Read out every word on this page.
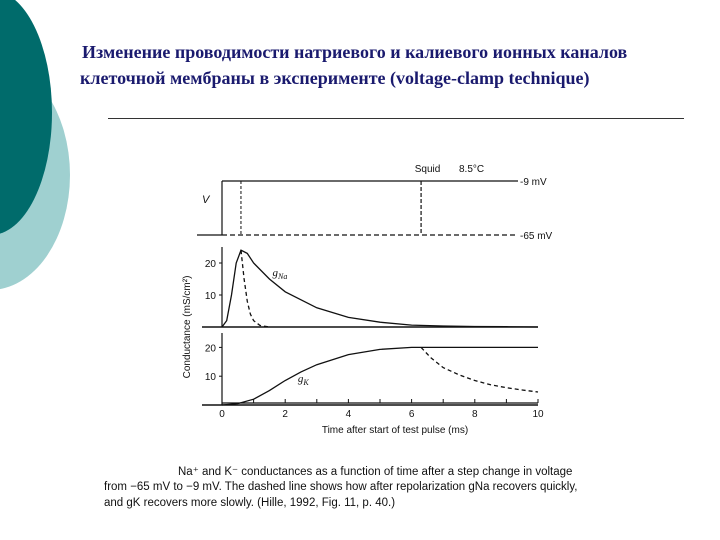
Изменение проводимости натриевого и калиевого ионных каналов
клеточной мембраны в эксперименте (voltage-clamp technique)
V
-9 mV
-65 mV
Squid 8.5°C
10
20
$g_{Na}$
10
20
$g_K$
Conductance (mS/cm²)
0	2	4	6	8	10
Time after start of test pulse (ms)
Na⁺ and K⁻ conductances as a function of time after a step change in voltage
from −65 mV to −9 mV. The dashed line shows how after repolarization gNa recovers quickly,
and gK recovers more slowly. (Hille, 1992, Fig. 11, p. 40.)
